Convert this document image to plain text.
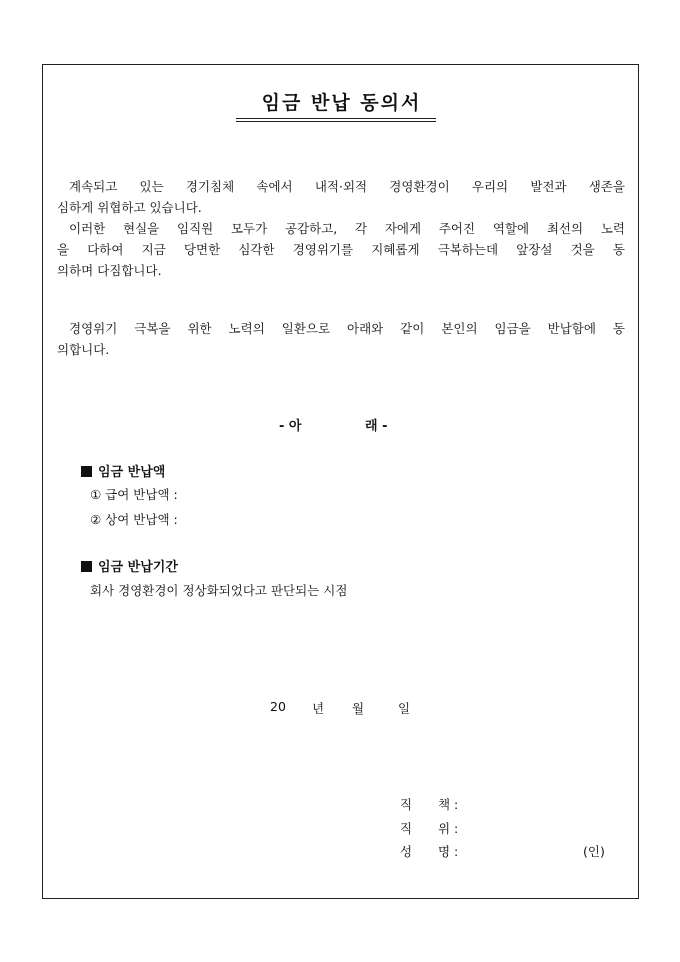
임금 반납 동의서
계속되고 있는 경기침체 속에서 내적·외적 경영환경이 우리의 발전과 생존을
심하게 위협하고 있습니다.
이러한 현실을 임직원 모두가 공감하고, 각 자에게 주어진 역할에 최선의 노력
을 다하여 지금 당면한 심각한 경영위기를 지혜롭게 극복하는데 앞장설 것을 동
의하며 다짐합니다.
경영위기 극복을 위한 노력의 일환으로 아래와 같이 본인의 임금을 반납함에 동
의합니다.
- 아	래 -
임금 반납액
① 급여 반납액 :
② 상여 반납액 :
임금 반납기간
회사 경영환경이 정상화되었다고 판단되는 시점
20 년 월	일
직 책 :
직 위 :
성 명 :	(인)
